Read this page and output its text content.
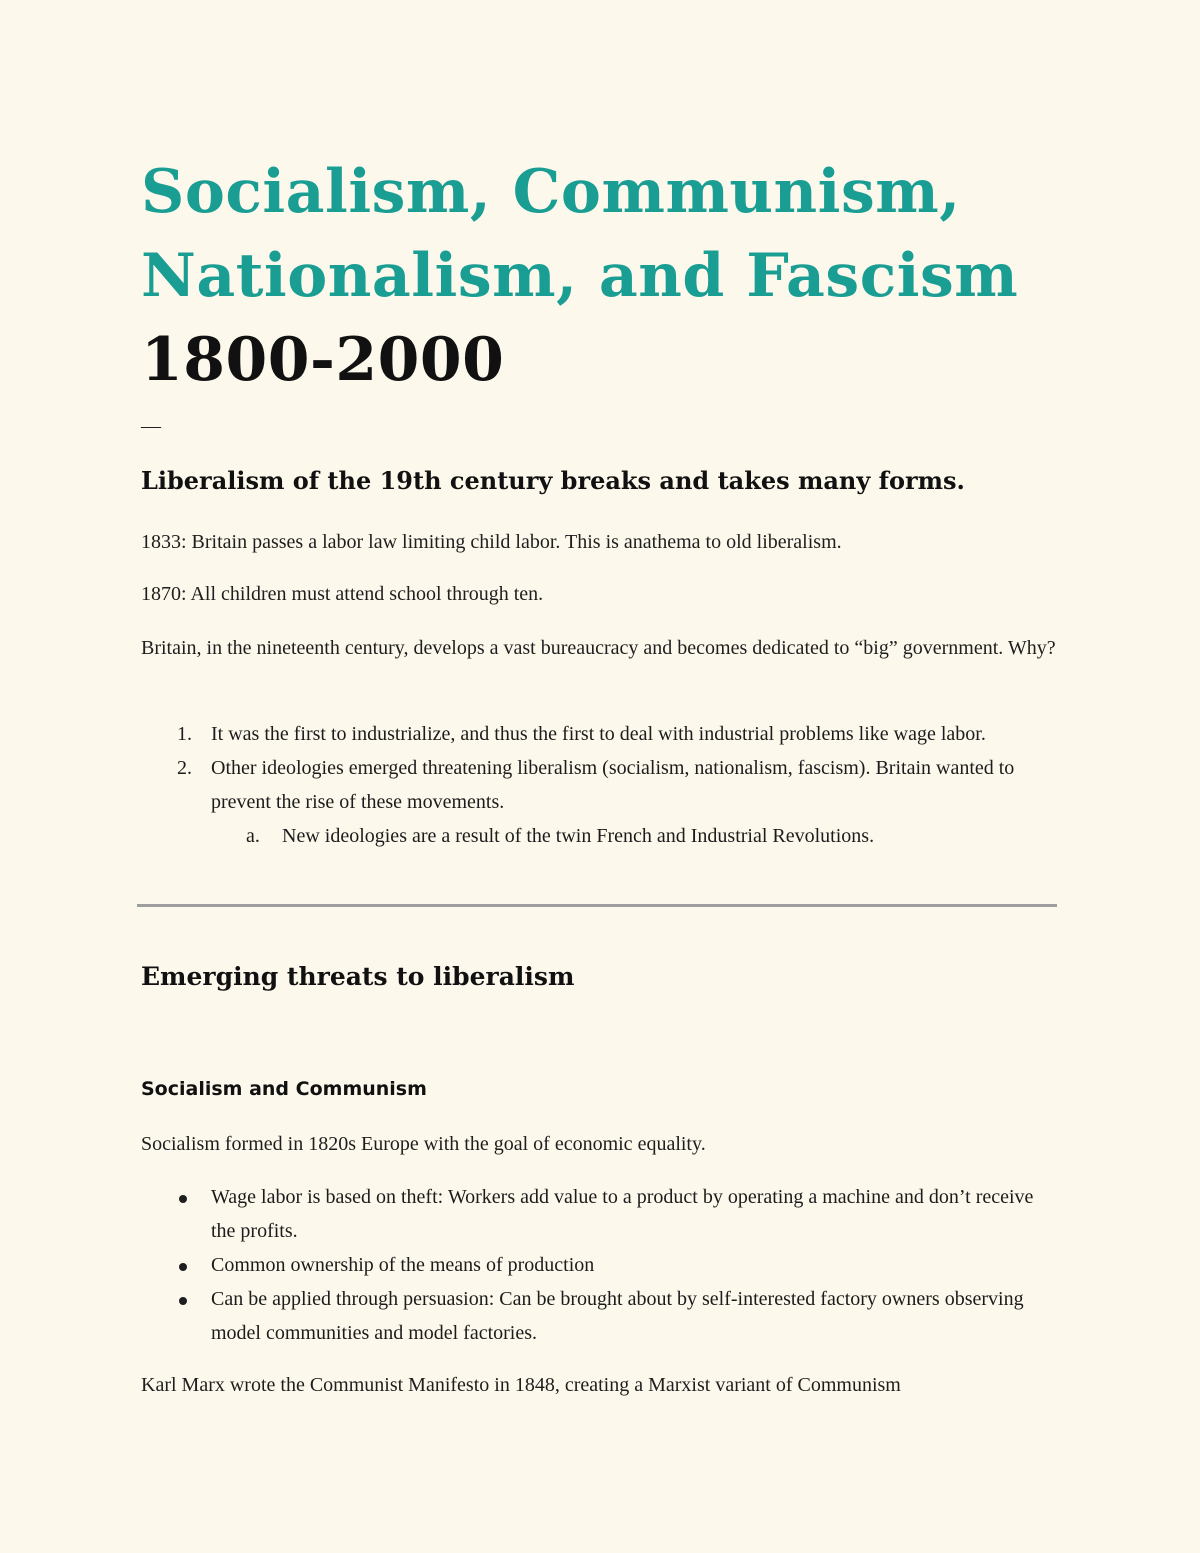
Socialism, Communism,
Nationalism, and Fascism
1800-2000
—
Liberalism of the 19th century breaks and takes many forms.

1833: Britain passes a labor law limiting child labor. This is anathema to old liberalism.

1870: All children must attend school through ten.

Britain, in the nineteenth century, develops a vast bureaucracy and becomes dedicated to “big” government. Why?

1. It was the first to industrialize, and thus the first to deal with industrial problems like wage labor.
2. Other ideologies emerged threatening liberalism (socialism, nationalism, fascism). Britain wanted to prevent the rise of these movements.
a. New ideologies are a result of the twin French and Industrial Revolutions.
Emerging threats to liberalism
Socialism and Communism

Socialism formed in 1820s Europe with the goal of economic equality.

Wage labor is based on theft: Workers add value to a product by operating a machine and don’t receive the profits.
Common ownership of the means of production
Can be applied through persuasion: Can be brought about by self-interested factory owners observing model communities and model factories.

Karl Marx wrote the Communist Manifesto in 1848, creating a Marxist variant of Communism
